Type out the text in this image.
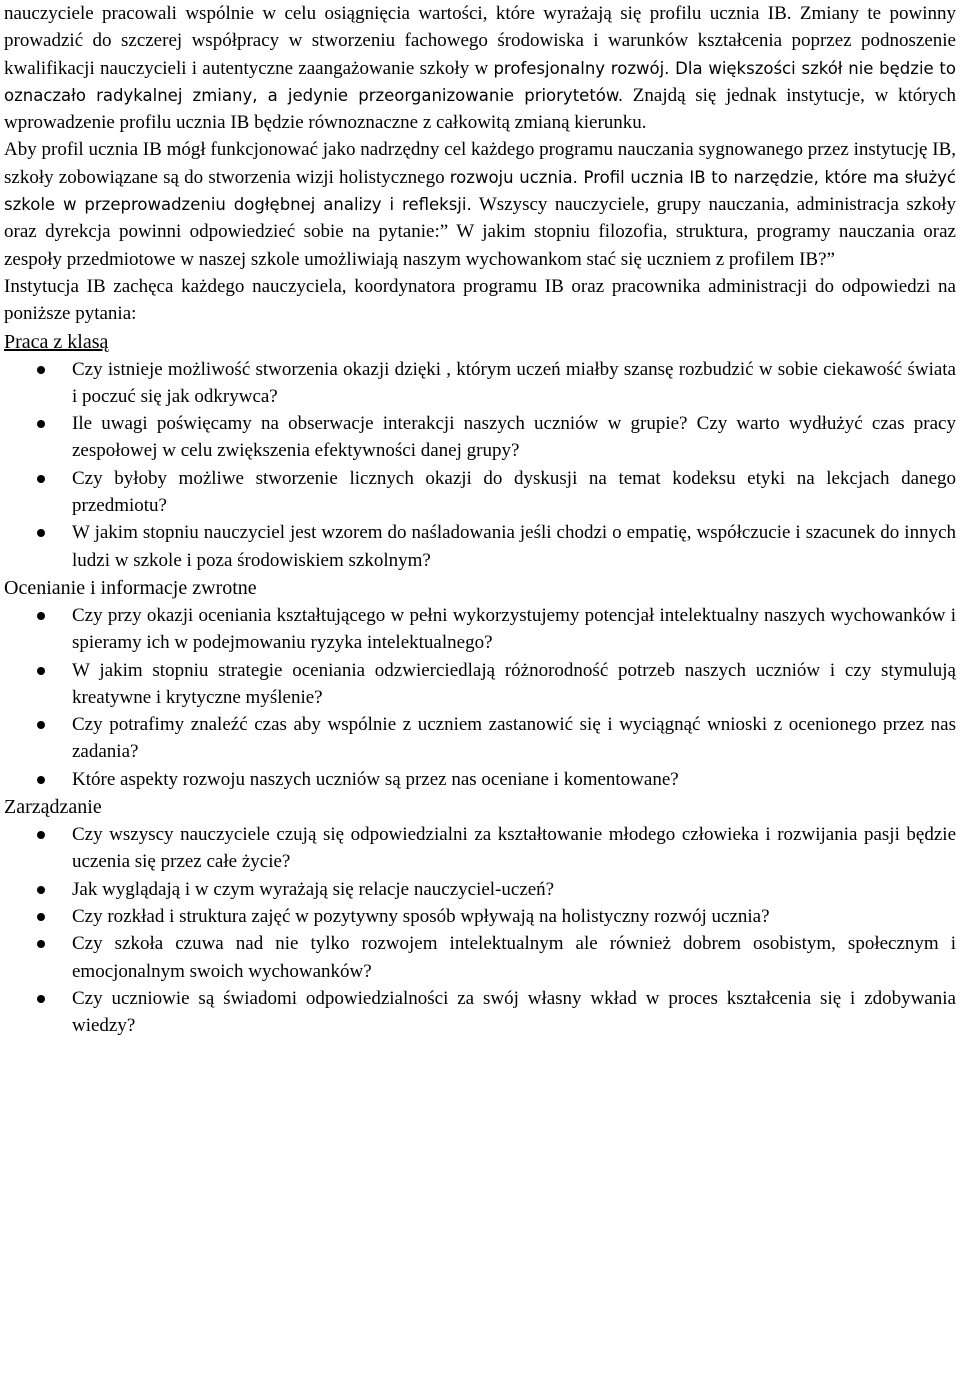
nauczyciele pracowali wspólnie w celu osiągnięcia wartości, które wyrażają się profilu ucznia IB. Zmiany te powinny prowadzić do szczerej współpracy w stworzeniu fachowego środowiska i warunków kształcenia poprzez podnoszenie kwalifikacji nauczycieli i autentyczne zaangażowanie szkoły w profesjonalny rozwój. Dla większości szkół nie będzie to oznaczało radykalnej zmiany, a jedynie przeorganizowanie priorytetów. Znajdą się jednak instytucje, w których wprowadzenie profilu ucznia IB będzie równoznaczne z całkowitą zmianą kierunku.

Aby profil ucznia IB mógł funkcjonować jako nadrzędny cel każdego programu nauczania sygnowanego przez instytucję IB, szkoły zobowiązane są do stworzenia wizji holistycznego rozwoju ucznia. Profil ucznia IB to narzędzie, które ma służyć szkole w przeprowadzeniu dogłębnej analizy i refleksji. Wszyscy nauczyciele, grupy nauczania, administracja szkoły oraz dyrekcja powinni odpowiedzieć sobie na pytanie:” W jakim stopniu filozofia, struktura, programy nauczania oraz zespoły przedmiotowe w naszej szkole umożliwiają naszym wychowankom stać się uczniem z profilem IB?”

Instytucja IB zachęca każdego nauczyciela, koordynatora programu IB oraz pracownika administracji do odpowiedzi na poniższe pytania:

Praca z klasą
Czy istnieje możliwość stworzenia okazji dzięki , którym uczeń miałby szansę rozbudzić w sobie ciekawość świata i poczuć się jak odkrywca?
Ile uwagi poświęcamy na obserwacje interakcji naszych uczniów w grupie? Czy warto wydłużyć czas pracy zespołowej w celu zwiększenia efektywności danej grupy?
Czy byłoby możliwe stworzenie licznych okazji do dyskusji na temat kodeksu etyki na lekcjach danego przedmiotu?
W jakim stopniu nauczyciel jest wzorem do naśladowania jeśli chodzi o empatię, współczucie i szacunek do innych ludzi w szkole i poza środowiskiem szkolnym?
Ocenianie i informacje zwrotne
Czy przy okazji oceniania kształtującego w pełni wykorzystujemy potencjał intelektualny naszych wychowanków i spieramy ich w podejmowaniu ryzyka intelektualnego?
W jakim stopniu strategie oceniania odzwierciedlają różnorodność potrzeb naszych uczniów i czy stymulują kreatywne i krytyczne myślenie?
Czy potrafimy znaleźć czas aby wspólnie z uczniem zastanowić się i wyciągnąć wnioski z ocenionego przez nas zadania?
Które aspekty rozwoju naszych uczniów są przez nas oceniane i komentowane?
Zarządzanie
Czy wszyscy nauczyciele czują się odpowiedzialni za kształtowanie młodego człowieka i rozwijania pasji będzie uczenia się przez całe życie?
Jak wyglądają i w czym wyrażają się relacje nauczyciel-uczeń?
Czy rozkład i struktura zajęć w pozytywny sposób wpływają na holistyczny rozwój ucznia?
Czy szkoła czuwa nad nie tylko rozwojem intelektualnym ale również dobrem osobistym, społecznym i emocjonalnym swoich wychowanków?
Czy uczniowie są świadomi odpowiedzialności za swój własny wkład w proces kształcenia się i zdobywania wiedzy?
